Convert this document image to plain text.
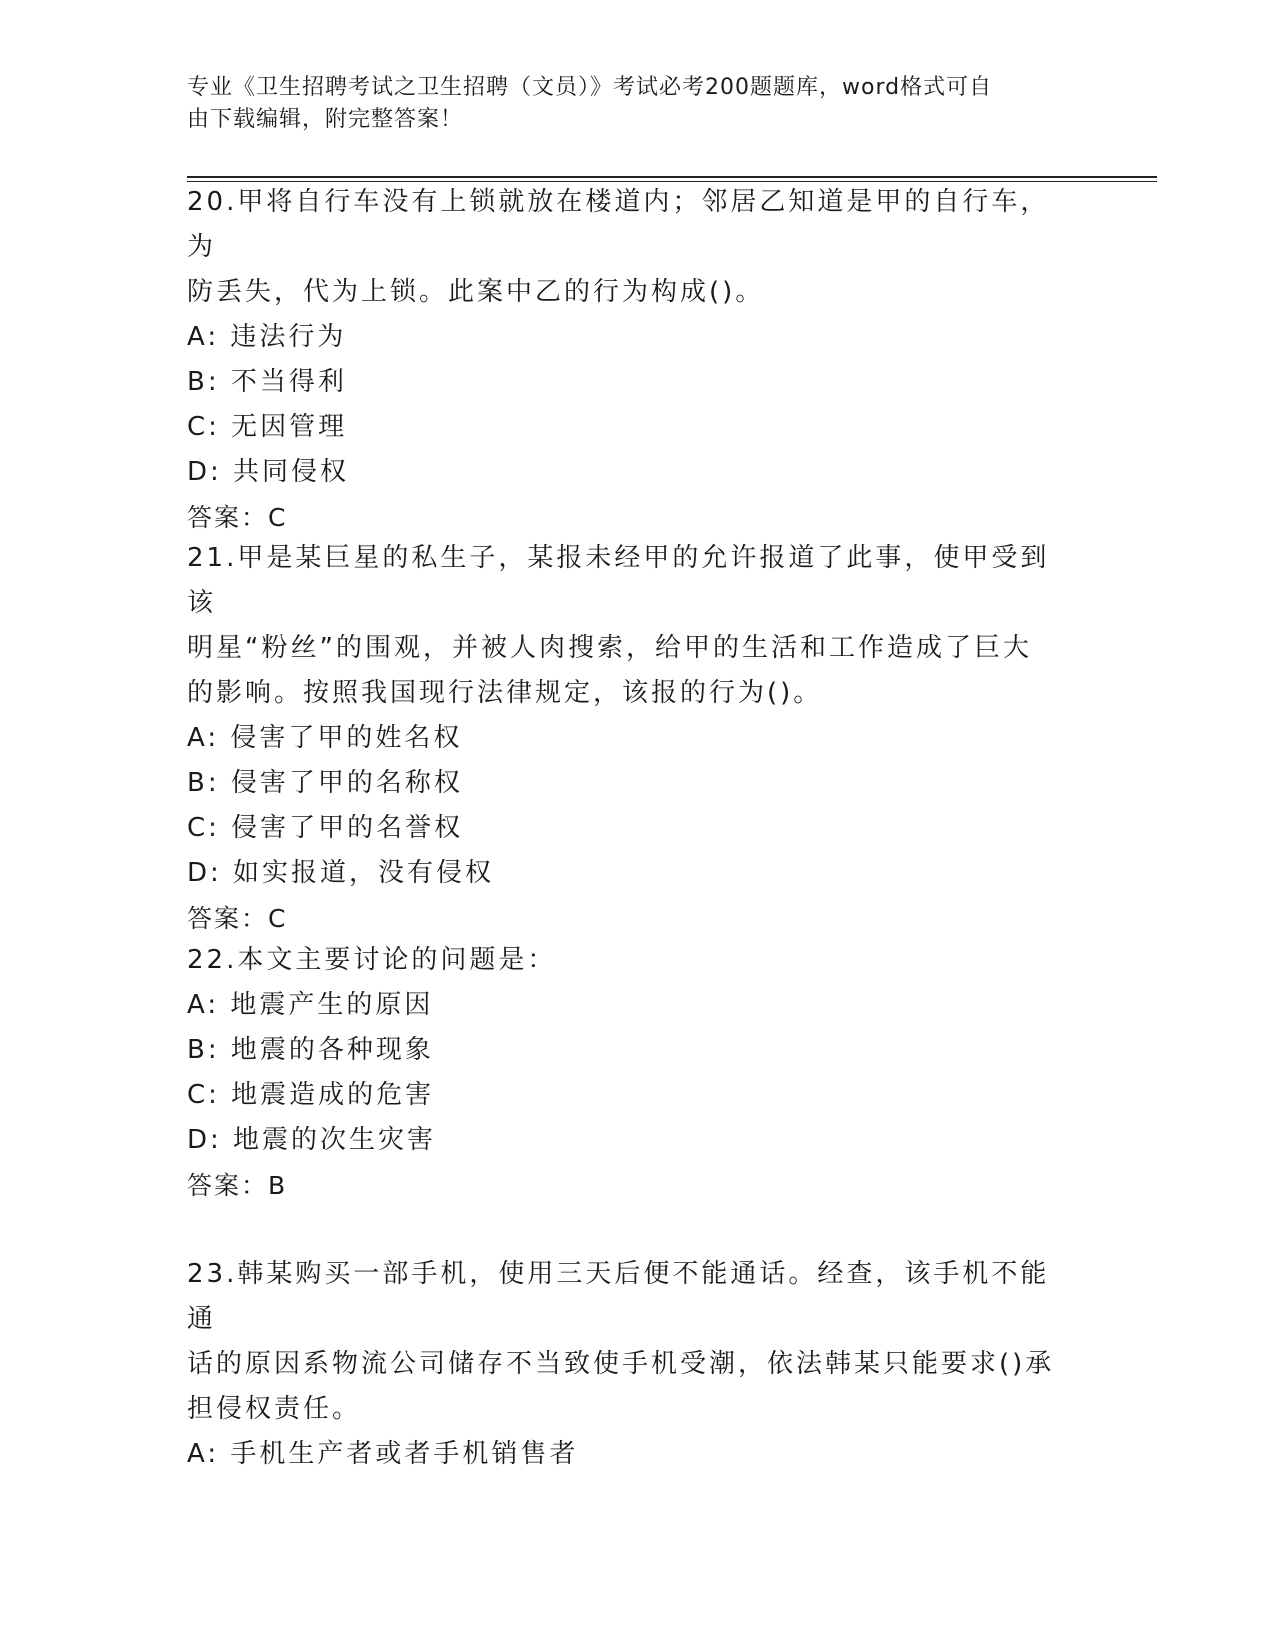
专业《卫生招聘考试之卫生招聘（文员）》考试必考200题题库，word格式可自
由下载编辑，附完整答案！

20.甲将自行车没有上锁就放在楼道内；邻居乙知道是甲的自行车，为

防丢失，代为上锁。此案中乙的行为构成()。

A: 违法行为

B: 不当得利

C: 无因管理

D: 共同侵权

答案：C

21.甲是某巨星的私生子，某报未经甲的允许报道了此事，使甲受到该

明星“粉丝”的围观，并被人肉搜索，给甲的生活和工作造成了巨大

的影响。按照我国现行法律规定，该报的行为()。

A: 侵害了甲的姓名权

B: 侵害了甲的名称权

C: 侵害了甲的名誉权

D: 如实报道，没有侵权

答案：C

22.本文主要讨论的问题是：

A: 地震产生的原因

B: 地震的各种现象

C: 地震造成的危害

D: 地震的次生灾害

答案：B

23.韩某购买一部手机，使用三天后便不能通话。经查，该手机不能通

话的原因系物流公司储存不当致使手机受潮，依法韩某只能要求()承

担侵权责任。

A: 手机生产者或者手机销售者
